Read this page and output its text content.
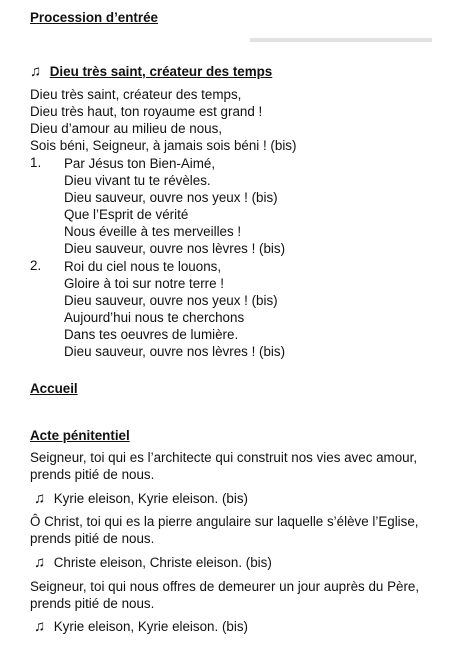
▬▬▬▬▬▬▬▬▬▬▬▬▬▬
Procession d’entrée
♫ Dieu très saint, créateur des temps
Dieu très saint, créateur des temps,
Dieu très haut, ton royaume est grand !
Dieu d’amour au milieu de nous,
Sois béni, Seigneur, à jamais sois béni ! (bis)
1. Par Jésus ton Bien-Aimé,
Dieu vivant tu te révèles.
Dieu sauveur, ouvre nos yeux ! (bis)
Que l’Esprit de vérité
Nous éveille à tes merveilles !
Dieu sauveur, ouvre nos lèvres ! (bis)
2. Roi du ciel nous te louons,
Gloire à toi sur notre terre !
Dieu sauveur, ouvre nos yeux ! (bis)
Aujourd’hui nous te cherchons
Dans tes oeuvres de lumière.
Dieu sauveur, ouvre nos lèvres ! (bis)
Accueil
Acte pénitentiel
Seigneur, toi qui es l’architecte qui construit nos vies avec amour, prends pitié de nous.
♫ Kyrie eleison, Kyrie eleison. (bis)
Ô Christ, toi qui es la pierre angulaire sur laquelle s’élève l’Eglise, prends pitié de nous.
♫ Christe eleison, Christe eleison. (bis)
Seigneur, toi qui nous offres de demeurer un jour auprès du Père, prends pitié de nous.
♫ Kyrie eleison, Kyrie eleison. (bis)
